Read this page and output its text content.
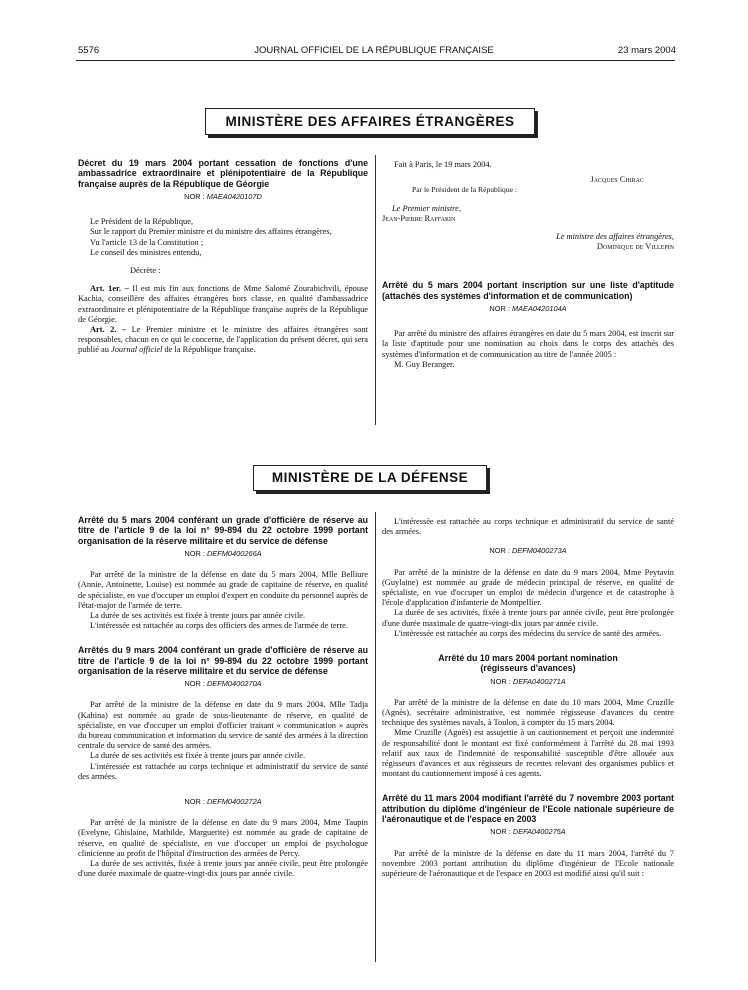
5576	JOURNAL OFFICIEL DE LA RÉPUBLIQUE FRANÇAISE	23 mars 2004
MINISTÈRE DES AFFAIRES ÉTRANGÈRES
Décret du 19 mars 2004 portant cessation de fonctions d'une ambassadrice extraordinaire et plénipotentiaire de la République française auprès de la République de Géorgie
NOR : MAEA0420107D

Le Président de la République,

Sur le rapport du Premier ministre et du ministre des affaires étrangères,

Vu l'article 13 de la Constitution ;

Le conseil des ministres entendu,

Décrète :

Art. 1er. – Il est mis fin aux fonctions de Mme Salomé Zourabichvili, épouse Kachia, conseillère des affaires étrangères hors classe, en qualité d'ambassadrice extraordinaire et plénipotentiaire de la République française auprès de la République de Géorgie.

Art. 2. – Le Premier ministre et le ministre des affaires étrangères sont responsables, chacun en ce qui le concerne, de l'application du présent décret, qui sera publié au Journal officiel de la République française.

Fait à Paris, le 19 mars 2004.

Jacques Chirac
Par le Président de la République :
Le Premier ministre,
Jean-Pierre Raffarin
Le ministre des affaires étrangères,
Dominique de Villepin
Arrêté du 5 mars 2004 portant inscription sur une liste d'aptitude (attachés des systèmes d'information et de communication)
NOR : MAEA0420104A

Par arrêté du ministre des affaires étrangères en date du 5 mars 2004, est inscrit sur la liste d'aptitude pour une nomination au choix dans le corps des attachés des systèmes d'information et de communication au titre de l'année 2005 :

M. Guy Beranger.

MINISTÈRE DE LA DÉFENSE
Arrêté du 5 mars 2004 conférant un grade d'officière de réserve au titre de l'article 9 de la loi n° 99-894 du 22 octobre 1999 portant organisation de la réserve militaire et du service de défense
NOR : DEFM0400266A

Par arrêté de la ministre de la défense en date du 5 mars 2004, Mlle Belliure (Annie, Antoinette, Louise) est nommée au grade de capitaine de réserve, en qualité de spécialiste, en vue d'occuper un emploi d'expert en conduite du personnel auprès de l'état-major de l'armée de terre.

La durée de ses activités est fixée à trente jours par année civile.

L'intéressée est rattachée au corps des officiers des armes de l'armée de terre.

Arrêtés du 9 mars 2004 conférant un grade d'officière de réserve au titre de l'article 9 de la loi n° 99-894 du 22 octobre 1999 portant organisation de la réserve militaire et du service de défense
NOR : DEFM0400270A

Par arrêté de la ministre de la défense en date du 9 mars 2004, Mlle Tadja (Kahina) est nommée au grade de sous-lieutenante de réserve, en qualité de spécialiste, en vue d'occuper un emploi d'officier traitant « communication » auprès du bureau communication et information du service de santé des armées à la direction centrale du service de santé des armées.

La durée de ses activités est fixée à trente jours par année civile.

L'intéressée est rattachée au corps technique et administratif du service de santé des armées.

NOR : DEFM0400272A

Par arrêté de la ministre de la défense en date du 9 mars 2004, Mme Taupin (Evelyne, Ghislaine, Mathilde, Marguerite) est nommée au grade de capitaine de réserve, en qualité de spécialiste, en vue d'occuper un emploi de psychologue clinicienne au profit de l'hôpital d'instruction des armées de Percy.

La durée de ses activités, fixée à trente jours par année civile, peut être prolongée d'une durée maximale de quatre-vingt-dix jours par année civile.

L'intéressée est rattachée au corps technique et administratif du service de santé des armées.

NOR : DEFM0400273A

Par arrêté de la ministre de la défense en date du 9 mars 2004, Mme Peytavin (Guylaine) est nommée au grade de médecin principal de réserve, en qualité de spécialiste, en vue d'occuper un emploi de médecin d'urgence et de catastrophe à l'école d'application d'infanterie de Montpellier.

La durée de ses activités, fixée à trente jours par année civile, peut être prolongée d'une durée maximale de quatre-vingt-dix jours par année civile.

L'intéressée est rattachée au corps des médecins du service de santé des armées.

Arrêté du 10 mars 2004 portant nomination (régisseurs d'avances)
NOR : DEFA0400271A

Par arrêté de la ministre de la défense en date du 10 mars 2004, Mme Cruzille (Agnès), secrétaire administrative, est nommée régisseuse d'avances du centre technique des systèmes navals, à Toulon, à compter du 15 mars 2004.

Mme Cruzille (Agnès) est assujettie à un cautionnement et perçoit une indemnité de responsabilité dont le montant est fixé conformément à l'arrêté du 28 mai 1993 relatif aux taux de l'indemnité de responsabilité susceptible d'être allouée aux régisseurs d'avances et aux régisseurs de recettes relevant des organismes publics et montant du cautionnement imposé à ces agents.

Arrêté du 11 mars 2004 modifiant l'arrêté du 7 novembre 2003 portant attribution du diplôme d'ingénieur de l'Ecole nationale supérieure de l'aéronautique et de l'espace en 2003
NOR : DEFA0400275A

Par arrêté de la ministre de la défense en date du 11 mars 2004, l'arrêté du 7 novembre 2003 portant attribution du diplôme d'ingénieur de l'Ecole nationale supérieure de l'aéronautique et de l'espace en 2003 est modifié ainsi qu'il suit :
